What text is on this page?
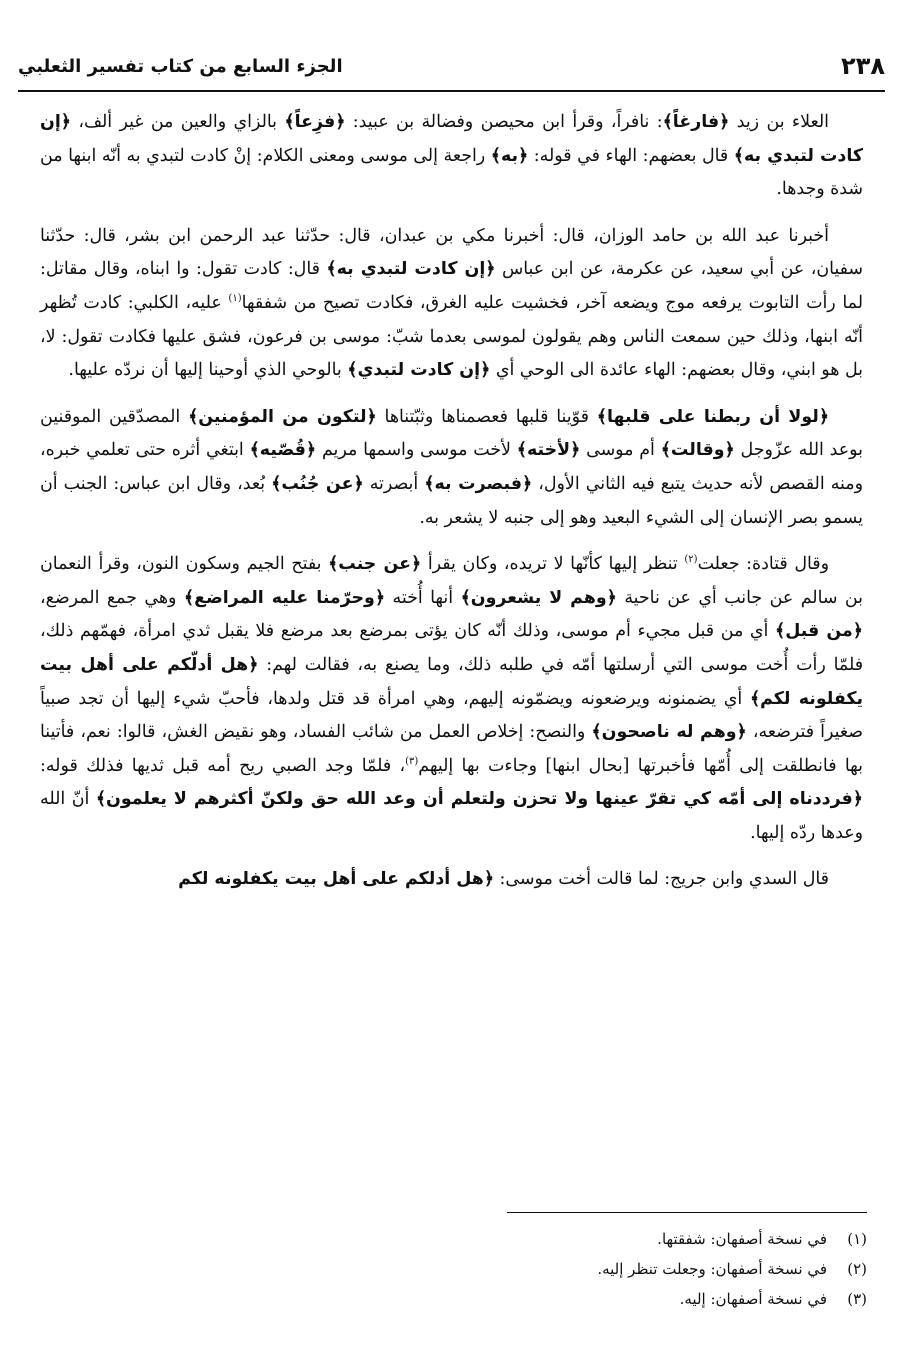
٢٣٨
الجزء السابع من كتاب تفسير الثعلبي

العلاء بن زيد ﴿فارغاً﴾: نافراً، وقرأ ابن محيصن وفضالة بن عبيد: ﴿فزِعاً﴾ بالزاي والعين من غير ألف، ﴿إن كادت لتبدي به﴾ قال بعضهم: الهاء في قوله: ﴿به﴾ راجعة إلى موسى ومعنى الكلام: إنْ كادت لتبدي به أنّه ابنها من شدة وجدها.

أخبرنا عبد الله بن حامد الوزان، قال: أخبرنا مكي بن عبدان، قال: حدّثنا عبد الرحمن ابن بشر، قال: حدّثنا سفيان، عن أبي سعيد، عن عكرمة، عن ابن عباس ﴿إن كادت لتبدي به﴾ قال: كادت تقول: وا ابناه، وقال مقاتل: لما رأت التابوت يرفعه موج ويضعه آخر، فخشيت عليه الغرق، فكادت تصيح من شفقها$^{(١)}$ عليه، الكلبي: كادت تُظهر أنّه ابنها، وذلك حين سمعت الناس وهم يقولون لموسى بعدما شبّ: موسى بن فرعون، فشق عليها فكادت تقول: لا، بل هو ابني، وقال بعضهم: الهاء عائدة الى الوحي أي ﴿إن كادت لتبدي﴾ بالوحي الذي أوحينا إليها أن نردّه عليها.

﴿لولا أن ربطنا على قلبها﴾ قوّينا قلبها فعصمناها وثبّتناها ﴿لتكون من المؤمنين﴾ المصدّقين الموقنين بوعد الله عزّوجل ﴿وقالت﴾ أم موسى ﴿لأخته﴾ لأخت موسى واسمها مريم ﴿قُصّيه﴾ ابتغي أثره حتى تعلمي خبره، ومنه القصص لأنه حديث يتبع فيه الثاني الأول، ﴿فبصرت به﴾ أبصرته ﴿عن جُنُب﴾ بُعد، وقال ابن عباس: الجنب أن يسمو بصر الإنسان إلى الشيء البعيد وهو إلى جنبه لا يشعر به.

وقال قتادة: جعلت$^{(٢)}$ تنظر إليها كأنّها لا تريده، وكان يقرأ ﴿عن جنب﴾ بفتح الجيم وسكون النون، وقرأ النعمان بن سالم عن جانب أي عن ناحية ﴿وهم لا يشعرون﴾ أنها أُخته ﴿وحرّمنا عليه المراضع﴾ وهي جمع المرضع، ﴿من قبل﴾ أي من قبل مجيء أم موسى، وذلك أنّه كان يؤتى بمرضع بعد مرضع فلا يقبل ثدي امرأة، فهمّهم ذلك، فلمّا رأت أُخت موسى التي أرسلتها أمّه في طلبه ذلك، وما يصنع به، فقالت لهم: ﴿هل أدلّكم على أهل بيت يكفلونه لكم﴾ أي يضمنونه ويرضعونه ويضمّونه إليهم، وهي امرأة قد قتل ولدها، فأحبّ شيء إليها أن تجد صبياً صغيراً فترضعه، ﴿وهم له ناصحون﴾ والنصح: إخلاص العمل من شائب الفساد، وهو نقيض الغش، قالوا: نعم، فأتينا بها فانطلقت إلى أُمّها فأخبرتها [بحال ابنها] وجاءت بها إليهم$^{(٣)}$، فلمّا وجد الصبي ريح أمه قبل ثديها فذلك قوله: ﴿فرددناه إلى أمّه كي تقرّ عينها ولا تحزن ولتعلم أن وعد الله حق ولكنّ أكثرهم لا يعلمون﴾ أنّ الله وعدها ردّه إليها.

قال السدي وابن جريج: لما قالت أخت موسى: ﴿هل أدلكم على أهل بيت يكفلونه لكم

(١)
في نسخة أصفهان: شفقتها.
(٢)
في نسخة أصفهان: وجعلت تنظر إليه.
(٣)
في نسخة أصفهان: إليه.
